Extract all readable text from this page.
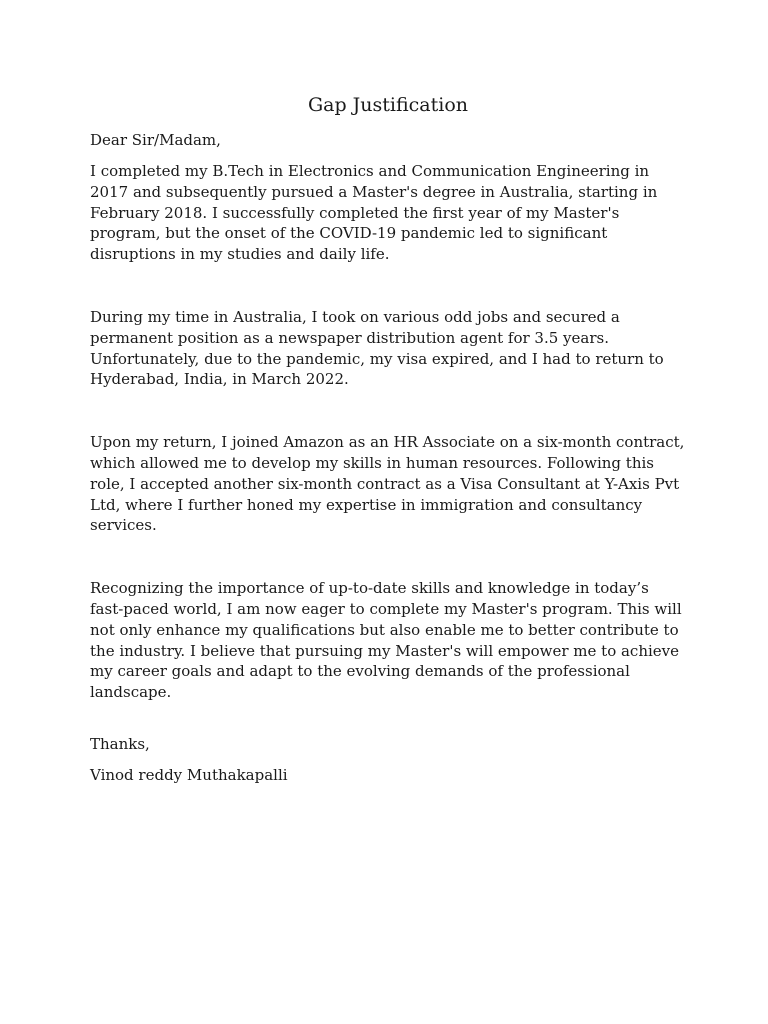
Gap Justification

Dear Sir/Madam,

I completed my B.Tech in Electronics and Communication Engineering in 2017 and subsequently pursued a Master's degree in Australia, starting in February 2018. I successfully completed the first year of my Master's program, but the onset of the COVID-19 pandemic led to significant disruptions in my studies and daily life.

During my time in Australia, I took on various odd jobs and secured a permanent position as a newspaper distribution agent for 3.5 years. Unfortunately, due to the pandemic, my visa expired, and I had to return to Hyderabad, India, in March 2022.

Upon my return, I joined Amazon as an HR Associate on a six-month contract, which allowed me to develop my skills in human resources. Following this role, I accepted another six-month contract as a Visa Consultant at Y-Axis Pvt Ltd, where I further honed my expertise in immigration and consultancy services.

Recognizing the importance of up-to-date skills and knowledge in today’s fast-paced world, I am now eager to complete my Master's program. This will not only enhance my qualifications but also enable me to better contribute to the industry. I believe that pursuing my Master's will empower me to achieve my career goals and adapt to the evolving demands of the professional landscape.

Thanks,

Vinod reddy Muthakapalli
